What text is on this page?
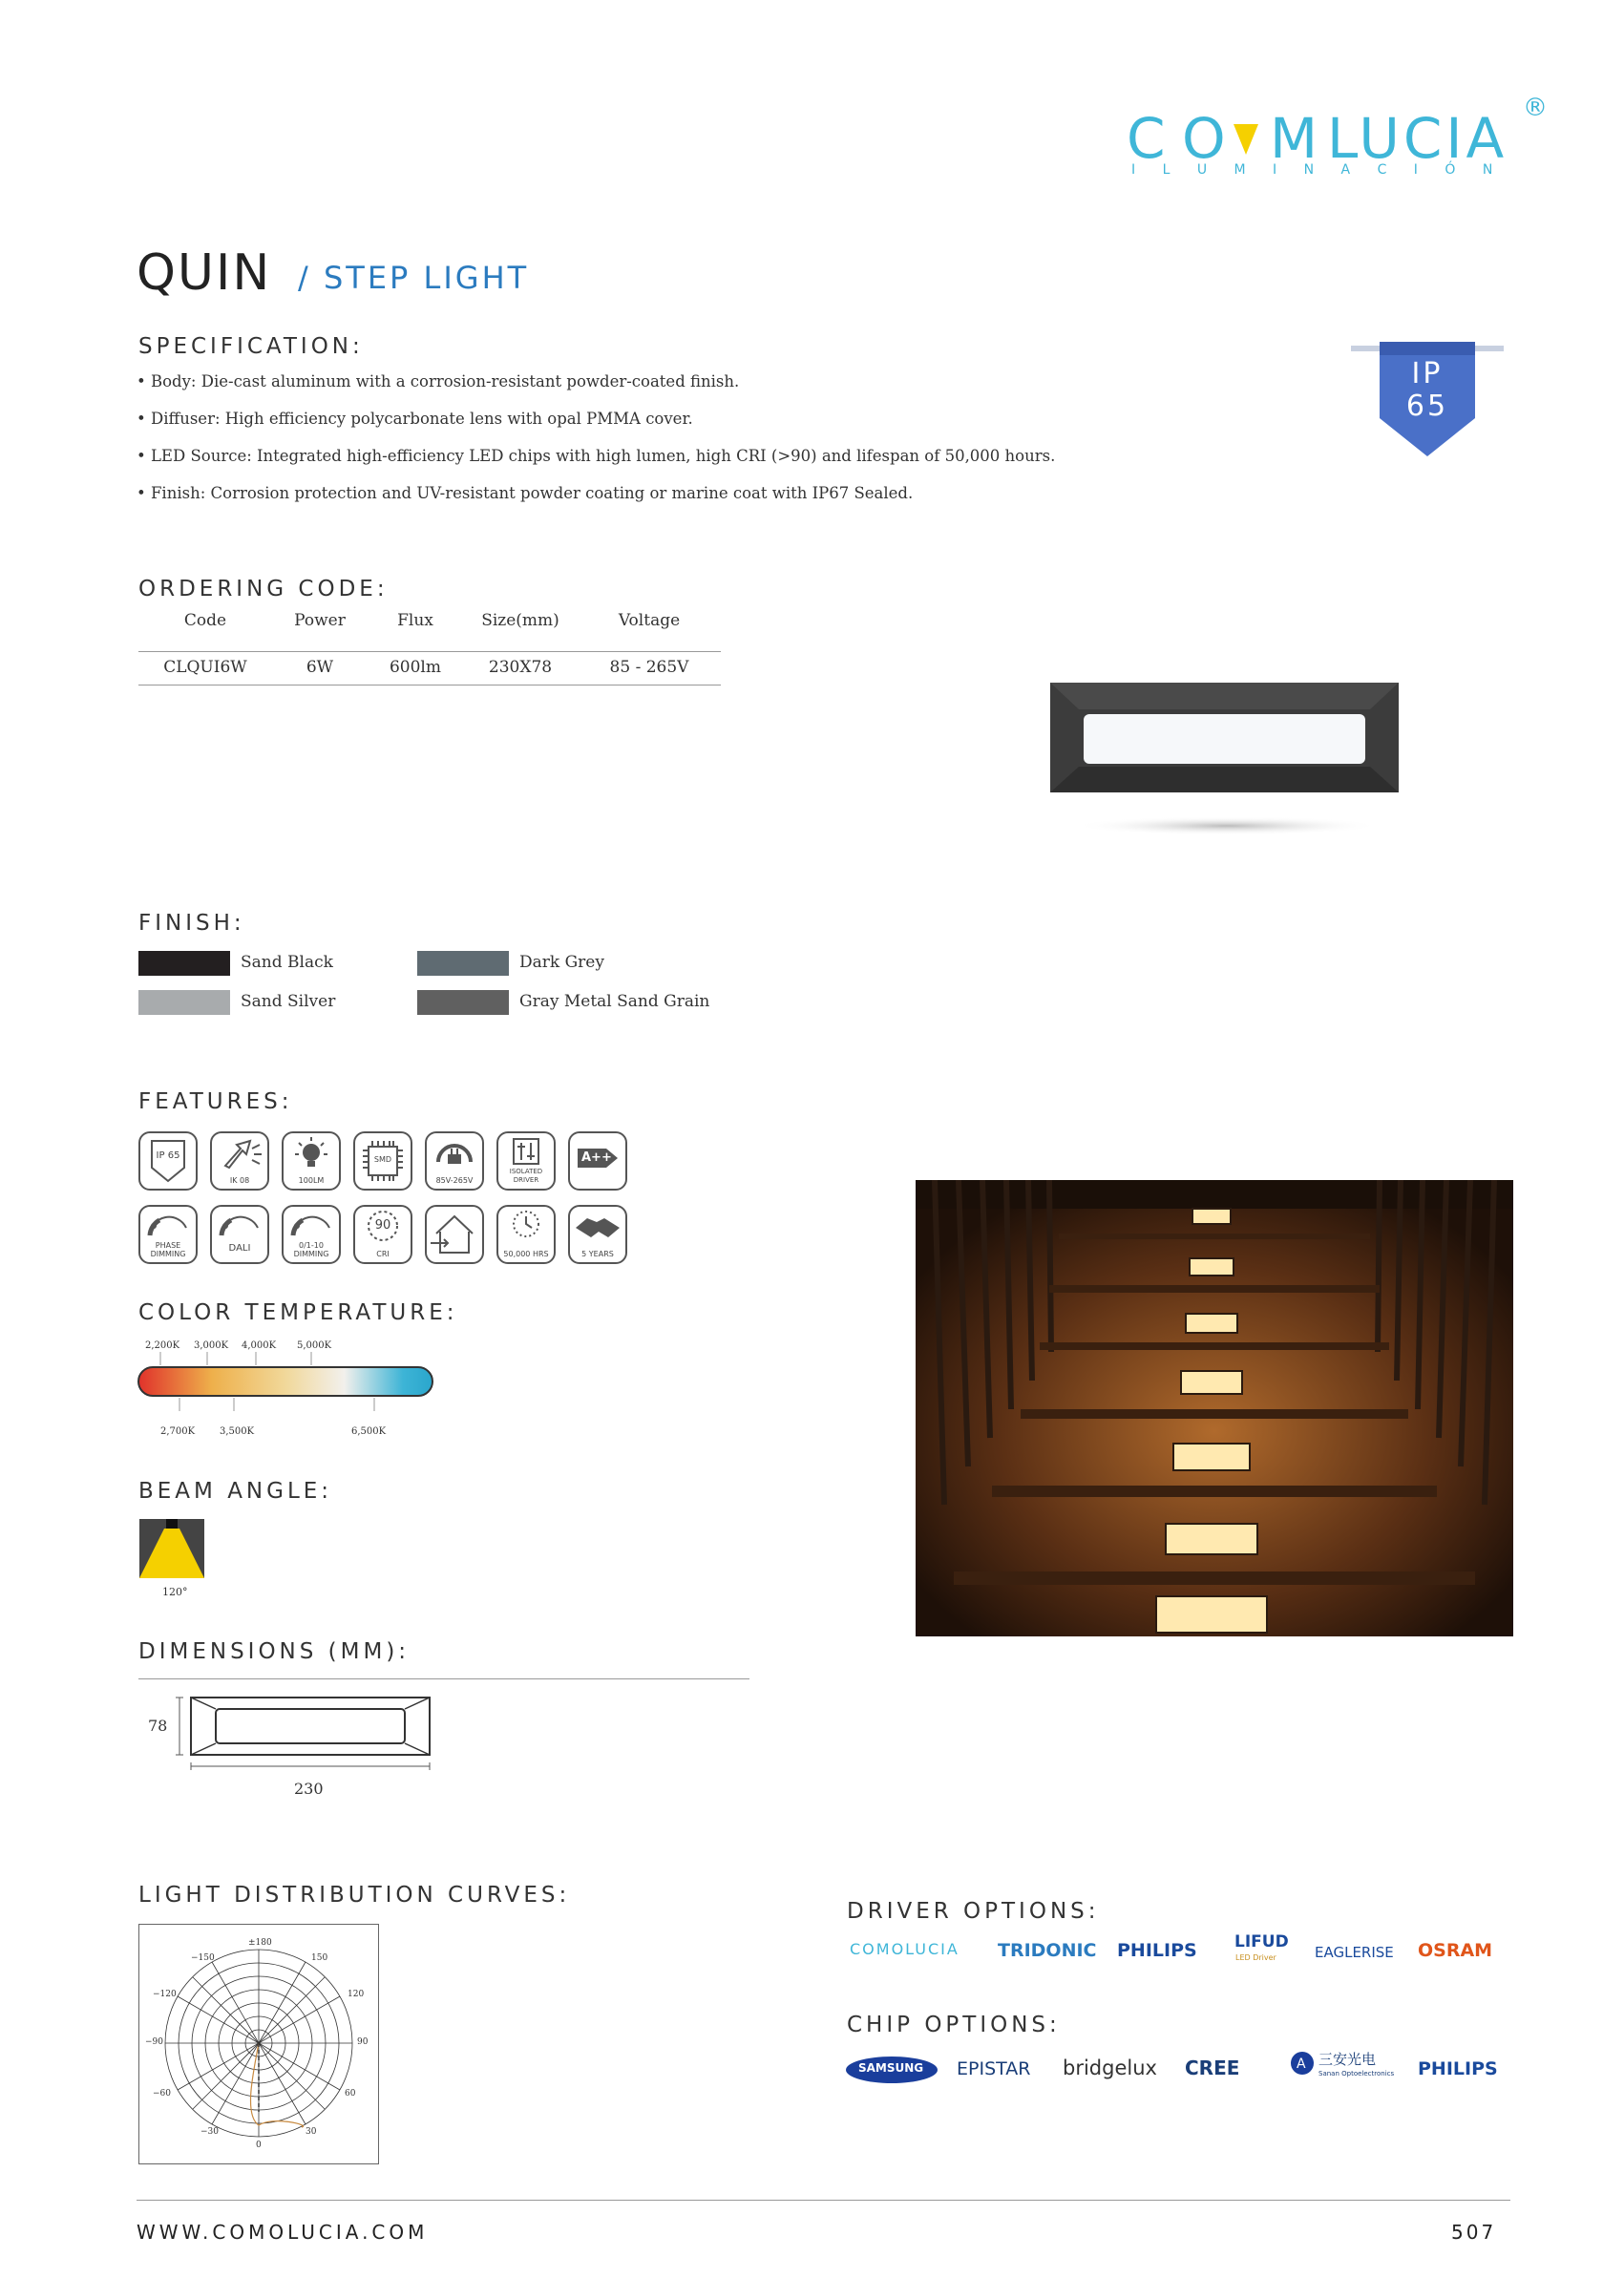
C O M LUCIA ®
I L U M I N A C I Ó N
QUIN / STEP LIGHT
IP
65
SPECIFICATION:
• Body: Die-cast aluminum with a corrosion-resistant powder-coated finish.
• Diffuser: High efficiency polycarbonate lens with opal PMMA cover.
• LED Source: Integrated high-efficiency LED chips with high lumen, high CRI (>90) and lifespan of 50,000 hours.
• Finish: Corrosion protection and UV-resistant powder coating or marine coat with IP67 Sealed.
ORDERING CODE:
Code	Power	Flux	Size(mm)	Voltage
CLQUI6W	6W	600lm	230X78	85 - 265V
FINISH:
Sand Black	Dark Grey
Sand Silver	Gray Metal Sand Grain
FEATURES:
IP 65
IK 08	100LM
SMD
85V-265V
ISOLATED DRIVER
A++
PHASE DIMMING
DALI	0/1-10 DIMMING
90
CRI	50,000 HRS	5 YEARS
COLOR TEMPERATURE:
2,200K 3,000K 4,000K 5,000K
2,700K	3,500K	6,500K
BEAM ANGLE:
120°
DIMENSIONS (MM):
78
230
LIGHT DISTRIBUTION CURVES:
±180
−150	150
−120	120
−90	90
−60	60
−30	30
0
DRIVER OPTIONS:
COMOLUCIA TRIDONIC PHILIPS LIFUD
LED Driver	EAGLERISE OSRAM
CHIP OPTIONS:
SAMSUNG EPISTAR bridgelux CREE	A 三安光电
Sanan Optoelectronics PHILIPS
WWW.COMOLUCIA.COM	507
